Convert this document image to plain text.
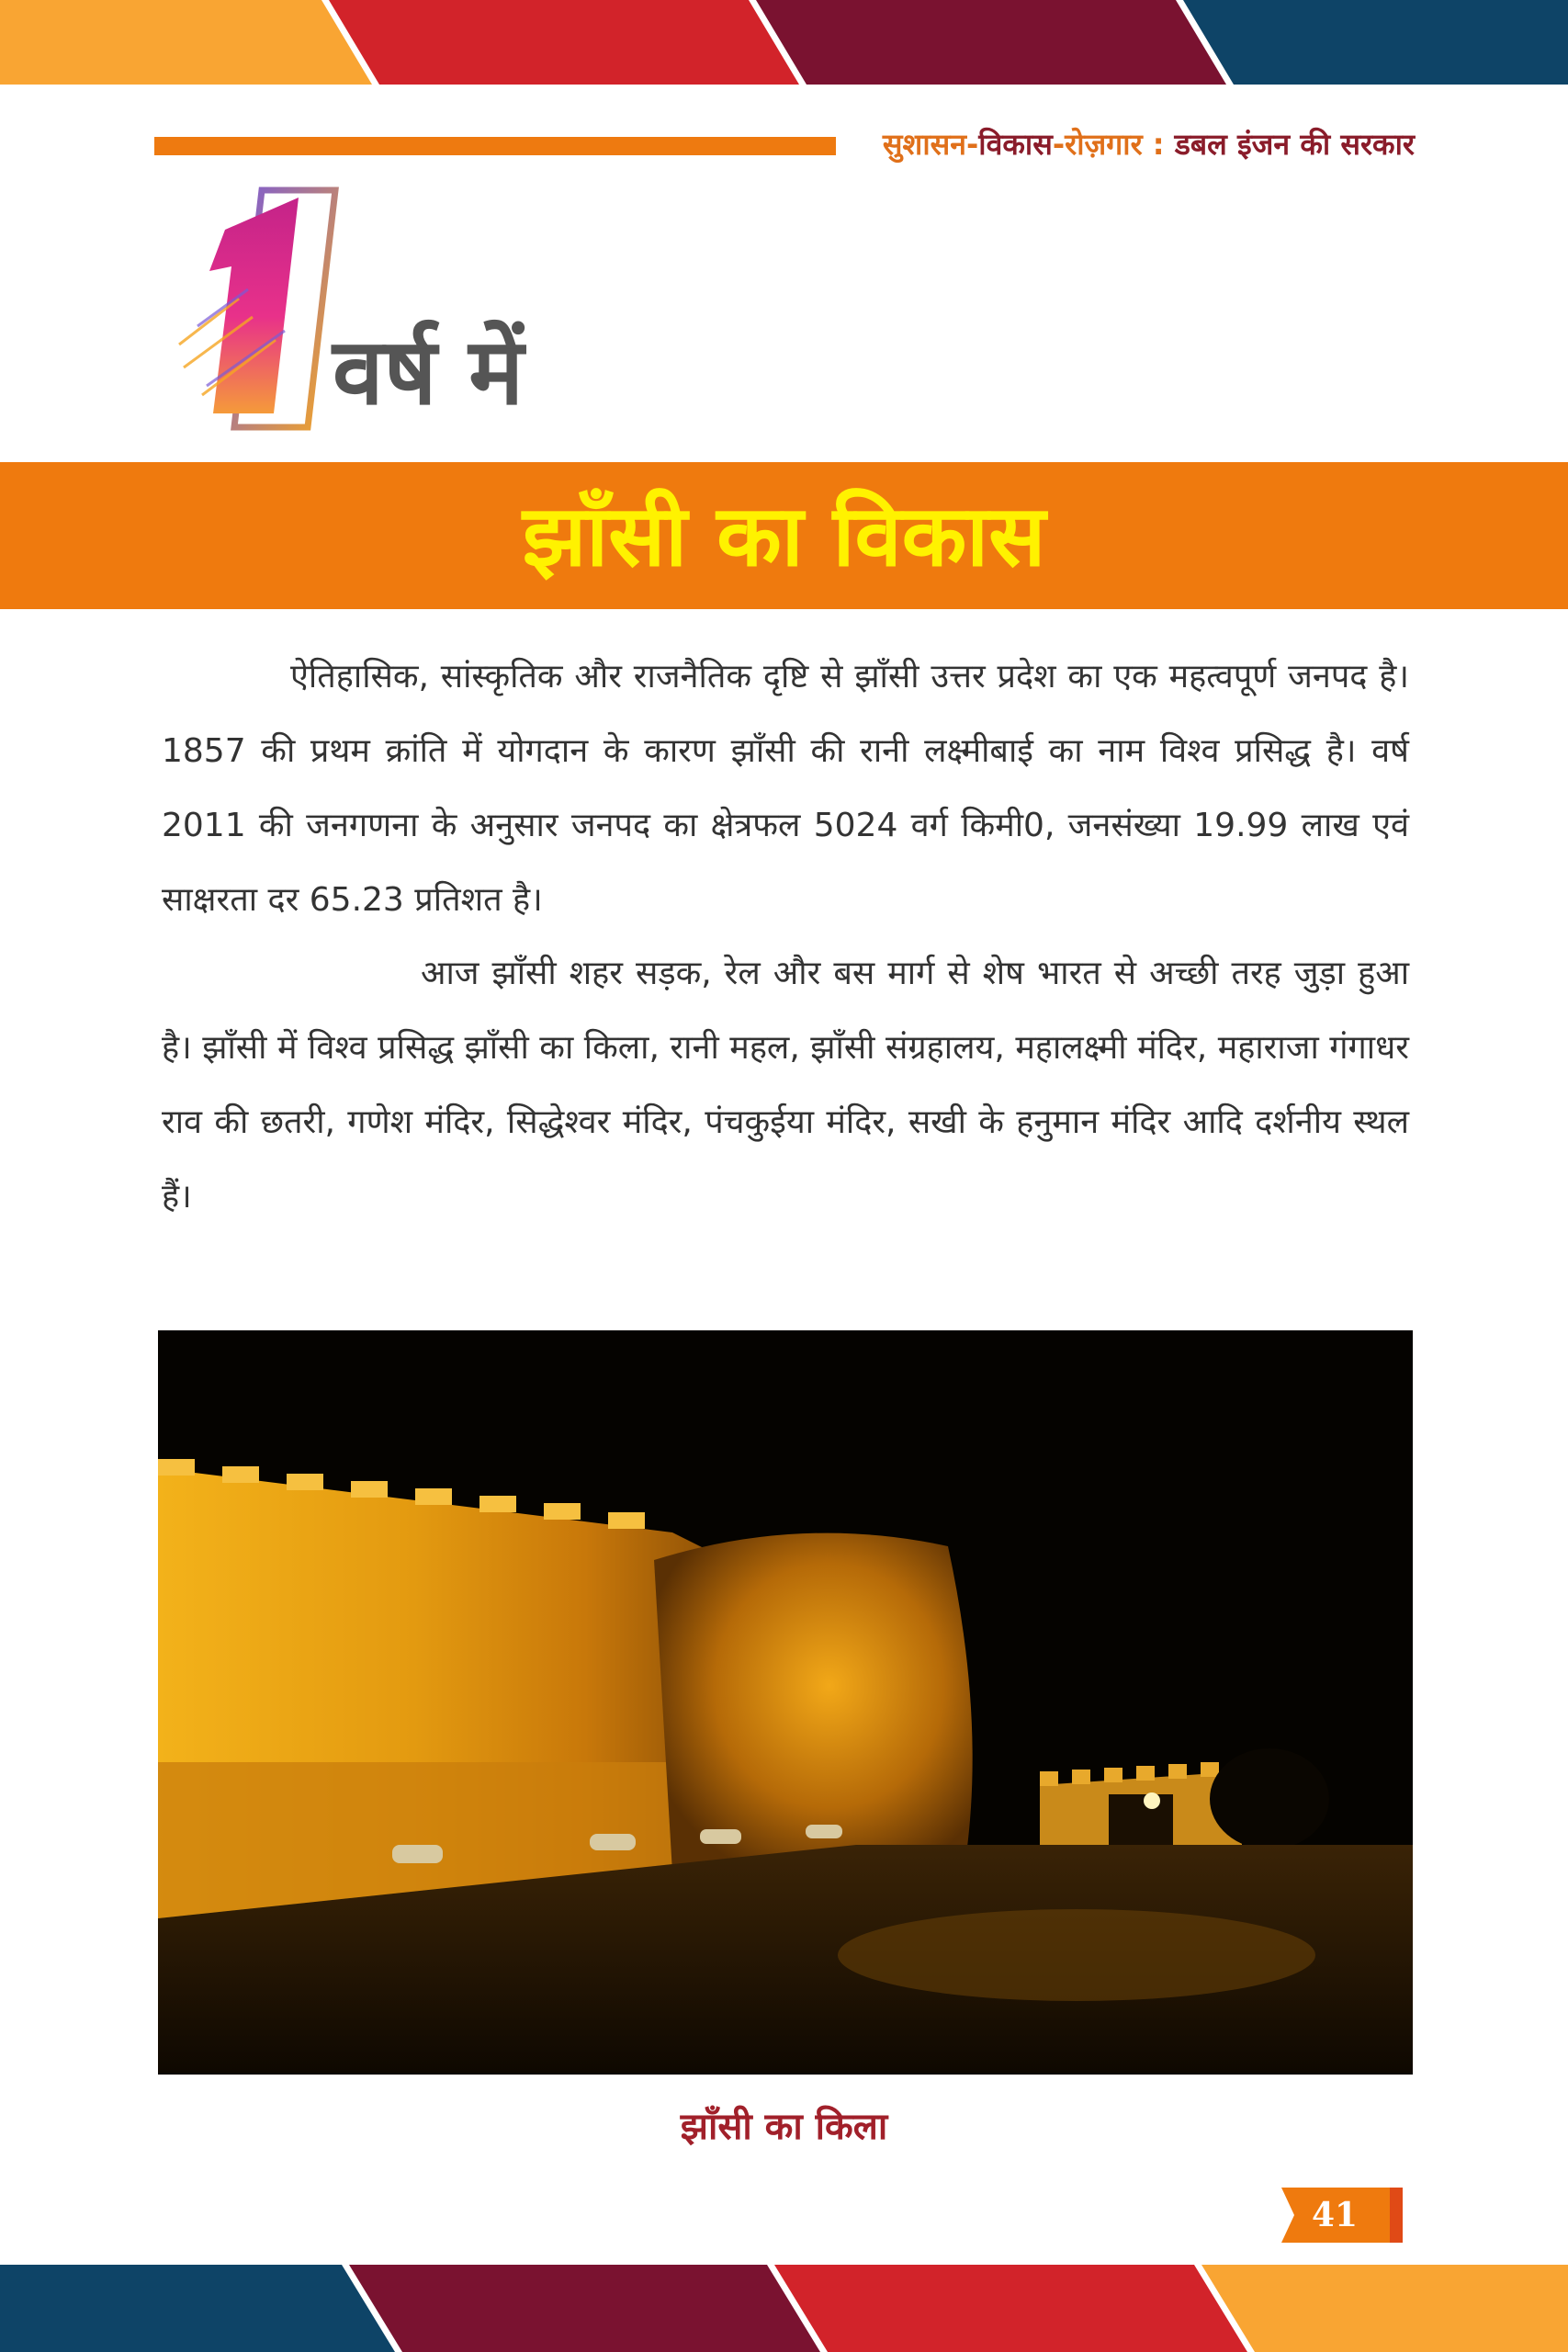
सुशासन-विकास-रोज़गार : डबल इंजन की सरकार
1 वर्ष में
झाँसी का विकास
ऐतिहासिक, सांस्कृतिक और राजनैतिक दृष्टि से झाँसी उत्तर प्रदेश का एक महत्वपूर्ण जनपद है। 1857 की प्रथम क्रांति में योगदान के कारण झाँसी की रानी लक्ष्मीबाई का नाम विश्व प्रसिद्ध है। वर्ष 2011 की जनगणना के अनुसार जनपद का क्षेत्रफल 5024 वर्ग किमी0, जनसंख्या 19.99 लाख एवं साक्षरता दर 65.23 प्रतिशत है।
आज झाँसी शहर सड़क, रेल और बस मार्ग से शेष भारत से अच्छी तरह जुड़ा हुआ है। झाँसी में विश्व प्रसिद्ध झाँसी का किला, रानी महल, झाँसी संग्रहालय, महालक्ष्मी मंदिर, महाराजा गंगाधर राव की छतरी, गणेश मंदिर, सिद्धेश्वर मंदिर, पंचकुईया मंदिर, सखी के हनुमान मंदिर आदि दर्शनीय स्थल हैं।
झाँसी का किला
41
